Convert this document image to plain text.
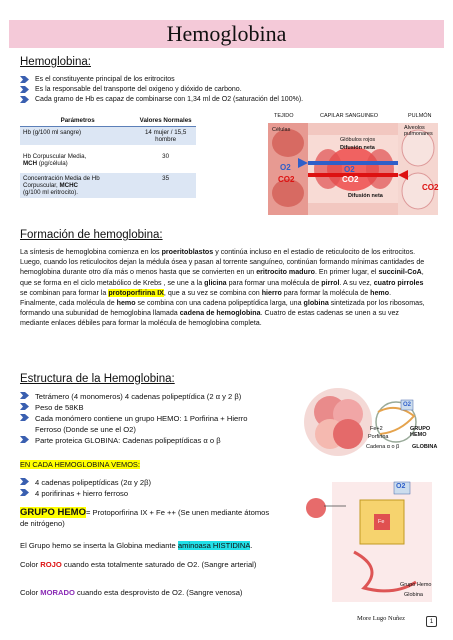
Hemoglobina
Hemoglobina:
Es el constituyente principal de los eritrocitos
Es la responsable del transporte del oxigeno y dióxido de carbono.
Cada gramo de Hb es capaz de combinarse con 1,34 ml de O2 (saturación del 100%).
Parámetros	Valores Normales
Hb (g/100 ml sangre)	14 mujer / 15,5 hombre
Hb Corpuscular Media,
MCH (pg/célula)	30
Concentración Media de Hb Corpuscular, MCHC
(g/100 ml eritrocito).	35
TEJIDO	CAPILAR SANGUINEO	PULMÓN
Células
Glóbulos rojos
Difusión neta
Difusión neta
Alveolos pulmonares
O2
CO2
O2
CO2
CO2
Formación de hemoglobina:
La síntesis de hemoglobina comienza en los proeritoblastos y continúa incluso en el estadio de reticulocito de los eritrocitos. Luego, cuando los reticulocitos dejan la médula ósea y pasan al torrente sanguíneo, continúan formando mínimas cantidades de hemoglobina durante otro día más o menos hasta que se convierten en un eritrocito maduro. En primer lugar, el succinil-CoA, que se forma en el ciclo metabólico de Krebs , se une a la glicina para formar una molécula de pirrol. A su vez, cuatro pirroles se combinan para formar la protoporfirina IX, que a su vez se combina con hierro para formar la molécula de hemo. Finalmente, cada molécula de hemo se combina con una cadena polipeptídica larga, una globina sintetizada por los ribosomas, formando una subunidad de hemoglobina llamada cadena de hemoglobina. Cuatro de estas cadenas se unen a su vez mediante enlaces débiles para formar la molécula de hemoglobina completa.
Estructura de la Hemoglobina:
Tetrámero (4 monomeros) 4 cadenas polipeptídica (2 α y 2 β)
Peso de 58KB
Cada monómero contiene un grupo HEMO: 1 Porfirina + Hierro Ferroso (Donde se une el O2)
Parte proteica GLOBINA: Cadenas polipeptídicas α o β
EN CADA HEMOGLOBINA VEMOS:
4 cadenas polipeptídicas (2α y 2β)
4 porifirinas + hierro ferroso
GRUPO HEMO= Protoporfirina IX + Fe ++ (Se unen mediante átomos de nitrógeno)
El Grupo hemo se inserta la Globina mediante aminoasa HISTIDINA.
Color ROJO cuando esta totalmente saturado de O2. (Sangre arterial)
Color MORADO cuando esta desprovisto de O2. (Sangre venosa)
O2
Fe+2
Porfirina
Cadena α o β
GRUPO HEMO
GLOBINA
O2
Fe
Grupo Hemo
Globina
More Lugo Nuñez	1
